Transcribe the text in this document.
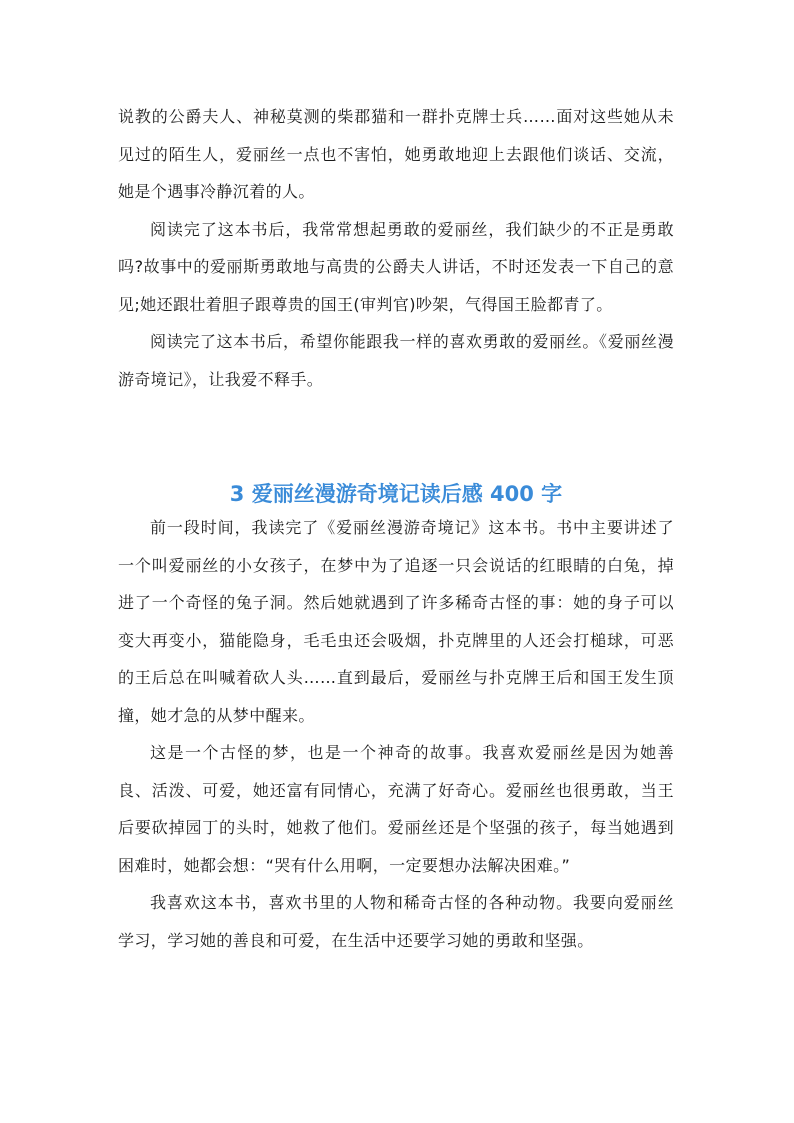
说教的公爵夫人、神秘莫测的柴郡猫和一群扑克牌士兵……面对这些她从未见过的陌生人，爱丽丝一点也不害怕，她勇敢地迎上去跟他们谈话、交流，她是个遇事冷静沉着的人。

阅读完了这本书后，我常常想起勇敢的爱丽丝，我们缺少的不正是勇敢吗?故事中的爱丽斯勇敢地与高贵的公爵夫人讲话，不时还发表一下自己的意见;她还跟壮着胆子跟尊贵的国王(审判官)吵架，气得国王脸都青了。

阅读完了这本书后，希望你能跟我一样的喜欢勇敢的爱丽丝。《爱丽丝漫游奇境记》，让我爱不释手。

3 爱丽丝漫游奇境记读后感 400 字

前一段时间，我读完了《爱丽丝漫游奇境记》这本书。书中主要讲述了一个叫爱丽丝的小女孩子，在梦中为了追逐一只会说话的红眼睛的白兔，掉进了一个奇怪的兔子洞。然后她就遇到了许多稀奇古怪的事：她的身子可以变大再变小，猫能隐身，毛毛虫还会吸烟，扑克牌里的人还会打槌球，可恶的王后总在叫喊着砍人头……直到最后，爱丽丝与扑克牌王后和国王发生顶撞，她才急的从梦中醒来。

这是一个古怪的梦，也是一个神奇的故事。我喜欢爱丽丝是因为她善良、活泼、可爱，她还富有同情心，充满了好奇心。爱丽丝也很勇敢，当王后要砍掉园丁的头时，她救了他们。爱丽丝还是个坚强的孩子，每当她遇到困难时，她都会想：“哭有什么用啊，一定要想办法解决困难。”

我喜欢这本书，喜欢书里的人物和稀奇古怪的各种动物。我要向爱丽丝学习，学习她的善良和可爱，在生活中还要学习她的勇敢和坚强。
